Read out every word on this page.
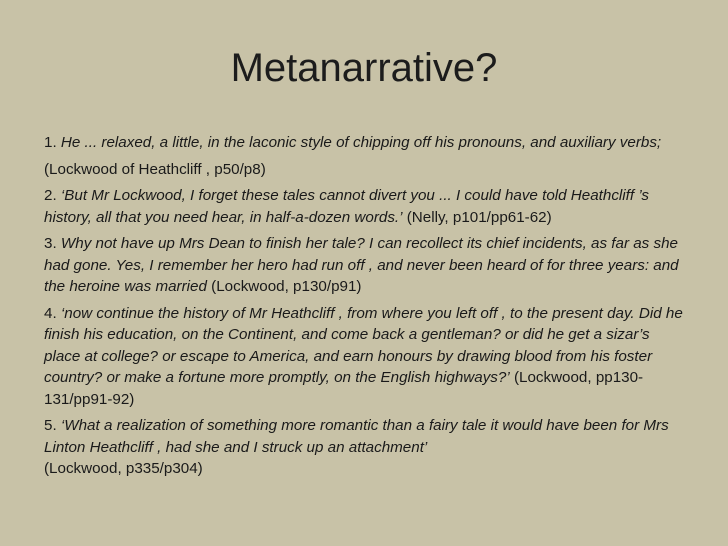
Metanarrative?

1. He ... relaxed, a little, in the laconic style of chipping off his pronouns, and auxiliary verbs;

(Lockwood of Heathcliff , p50/p8)

2. ‘But Mr Lockwood, I forget these tales cannot divert you ... I could have told Heathcliff ’s history, all that you need hear, in half-a-dozen words.’ (Nelly, p101/pp61-62)

3. Why not have up Mrs Dean to finish her tale? I can recollect its chief incidents, as far as she had gone. Yes, I remember her hero had run off , and never been heard of for three years: and the heroine was married (Lockwood, p130/p91)

4. ‘now continue the history of Mr Heathcliff , from where you left off , to the present day. Did he finish his education, on the Continent, and come back a gentleman? or did he get a sizar’s place at college? or escape to America, and earn honours by drawing blood from his foster country? or make a fortune more promptly, on the English highways?’ (Lockwood, pp130-131/pp91-92)

5. ‘What a realization of something more romantic than a fairy tale it would have been for Mrs Linton Heathcliff , had she and I struck up an attachment’
(Lockwood, p335/p304)
